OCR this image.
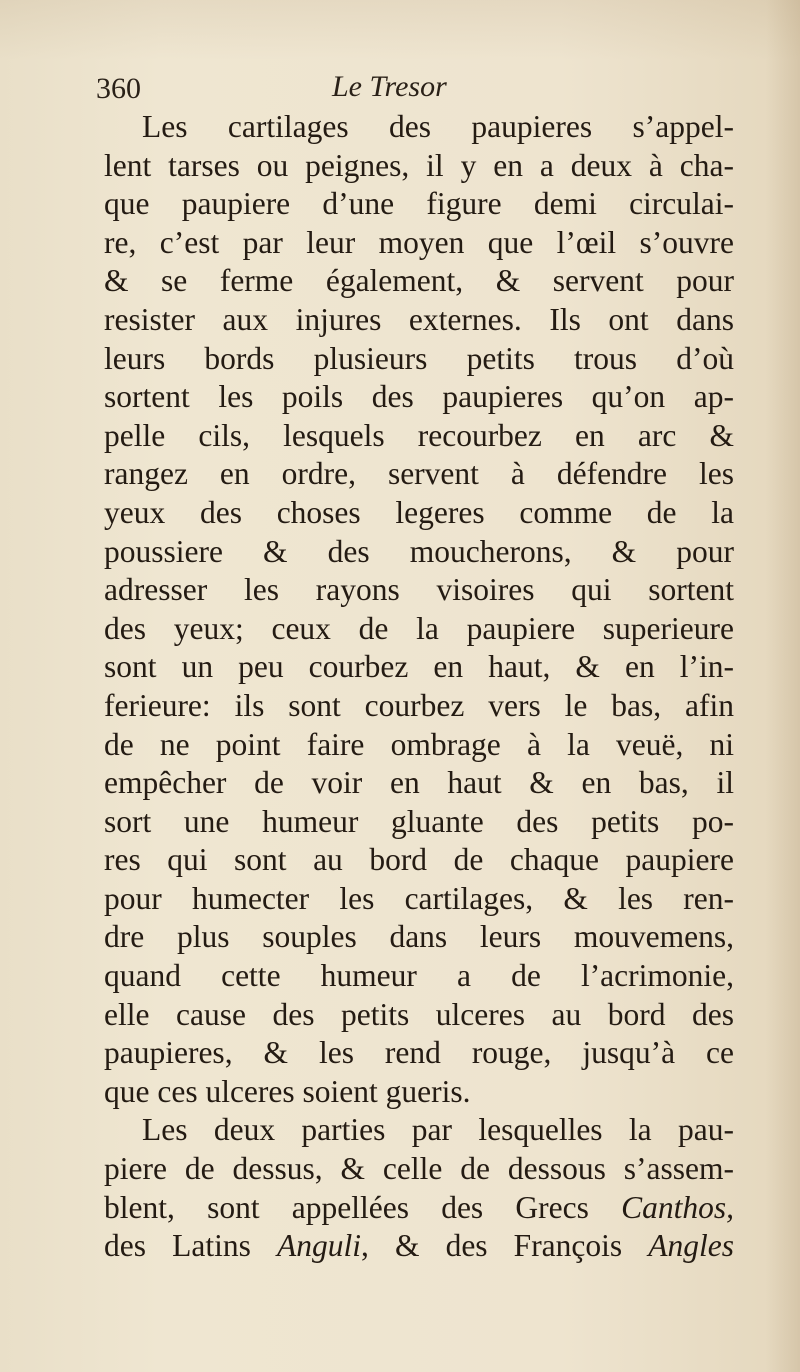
360	Le Tresor
Les cartilages des paupieres s’appel-
lent tarses ou peignes, il y en a deux à cha-
que paupiere d’une figure demi circulai-
re, c’est par leur moyen que l’œil s’ouvre
& se ferme également, & servent pour
resister aux injures externes. Ils ont dans
leurs bords plusieurs petits trous d’où
sortent les poils des paupieres qu’on ap-
pelle cils, lesquels recourbez en arc &
rangez en ordre, servent à défendre les
yeux des choses legeres comme de la
poussiere & des moucherons, & pour
adresser les rayons visoires qui sortent
des yeux; ceux de la paupiere superieure
sont un peu courbez en haut, & en l’in-
ferieure: ils sont courbez vers le bas, afin
de ne point faire ombrage à la veuë, ni
empêcher de voir en haut & en bas, il
sort une humeur gluante des petits po-
res qui sont au bord de chaque paupiere
pour humecter les cartilages, & les ren-
dre plus souples dans leurs mouvemens,
quand cette humeur a de l’acrimonie,
elle cause des petits ulceres au bord des
paupieres, & les rend rouge, jusqu’à ce
que ces ulceres soient gueris.
Les deux parties par lesquelles la pau-
piere de dessus, & celle de dessous s’assem-
blent, sont appellées des Grecs Canthos,
des Latins Anguli, & des François Angles
